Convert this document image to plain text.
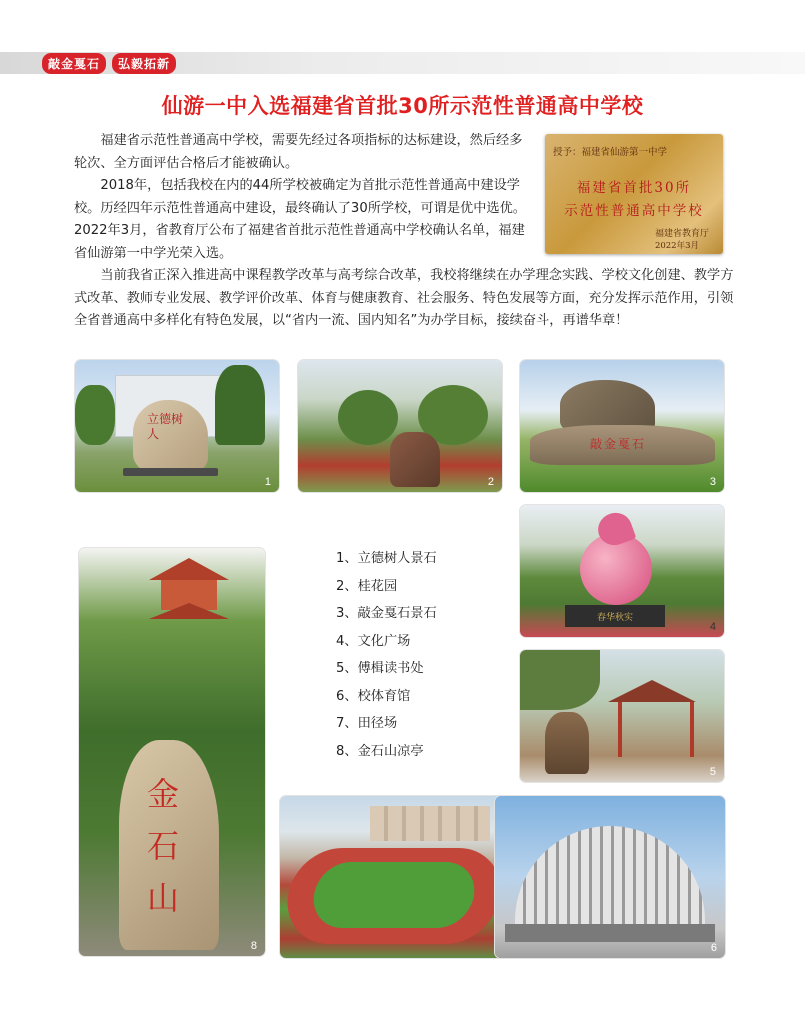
敲金戛石	弘毅拓新
仙游一中入选福建省首批30所示范性普通高中学校

福建省示范性普通高中学校，需要先经过各项指标的达标建设，然后经多轮次、全方面评估合格后才能被确认。

2018年，包括我校在内的44所学校被确定为首批示范性普通高中建设学校。历经四年示范性普通高中建设，最终确认了30所学校，可谓是优中选优。2022年3月，省教育厅公布了福建省首批示范性普通高中学校确认名单，福建省仙游第一中学光荣入选。

当前我省正深入推进高中课程教学改革与高考综合改革，我校将继续在办学理念实践、学校文化创建、教学方式改革、教师专业发展、教学评价改革、体育与健康教育、社会服务、特色发展等方面，充分发挥示范作用，引领全省普通高中多样化有特色发展，以“省内一流、国内知名”为办学目标，接续奋斗，再谱华章！

授予：福建省仙游第一中学
福建省首批30所
示范性普通高中学校
福建省教育厅
2022年3月
立德树人
1	2
敲金戛石
3
春华秋实
4
5
金石山
8	6
1、立德树人景石
2、桂花园
3、敲金戛石景石
4、文化广场
5、傅楫读书处
6、校体育馆
7、田径场
8、金石山凉亭
